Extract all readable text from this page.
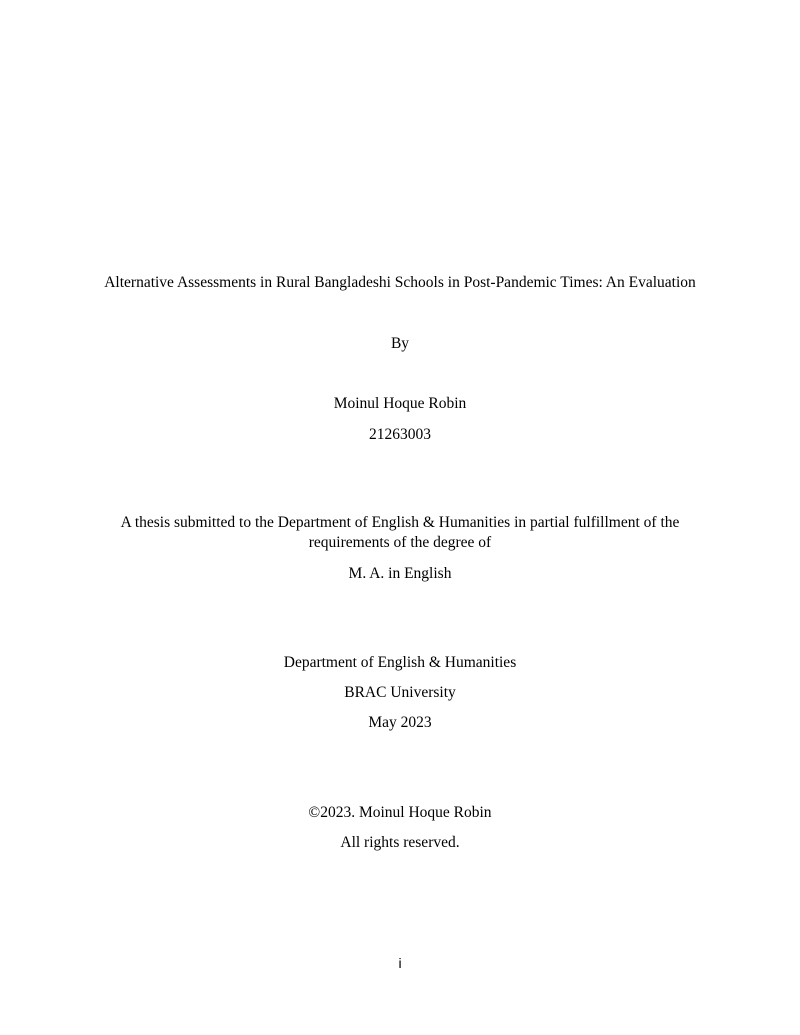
Alternative Assessments in Rural Bangladeshi Schools in Post-Pandemic Times: An Evaluation
By
Moinul Hoque Robin
21263003
A thesis submitted to the Department of English & Humanities in partial fulfillment of the
requirements of the degree of
M. A. in English
Department of English & Humanities
BRAC University
May 2023
©2023. Moinul Hoque Robin
All rights reserved.
i
